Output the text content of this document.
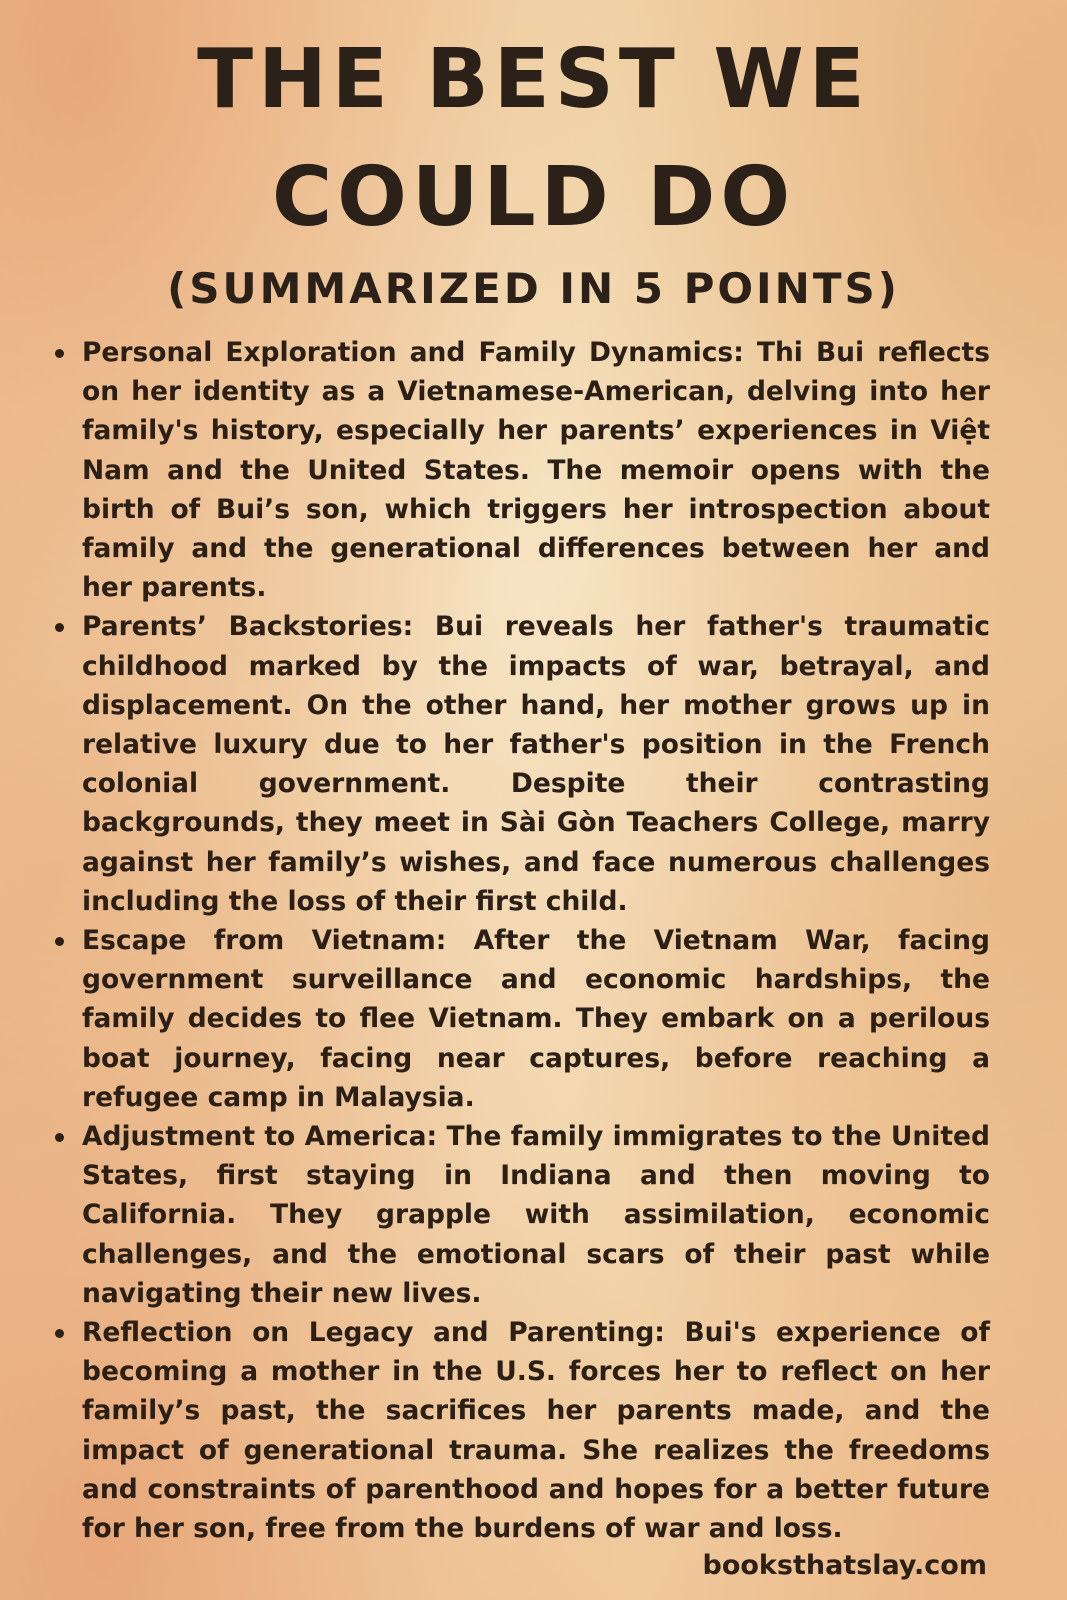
THE BEST WE
COULD DO
(SUMMARIZED IN 5 POINTS)
Personal Exploration and Family Dynamics: Thi Bui reflects on her identity as a Vietnamese-American, delving into her family's history, especially her parents’ experiences in Việt Nam and the United States. The memoir opens with the birth of Bui’s son, which triggers her introspection about family and the generational differences between her and her parents.
Parents’ Backstories: Bui reveals her father's traumatic childhood marked by the impacts of war, betrayal, and displacement. On the other hand, her mother grows up in relative luxury due to her father's position in the French colonial government. Despite their contrasting backgrounds, they meet in Sài Gòn Teachers College, marry against her family’s wishes, and face numerous challenges including the loss of their first child.
Escape from Vietnam: After the Vietnam War, facing government surveillance and economic hardships, the family decides to flee Vietnam. They embark on a perilous boat journey, facing near captures, before reaching a refugee camp in Malaysia.
Adjustment to America: The family immigrates to the United States, first staying in Indiana and then moving to California. They grapple with assimilation, economic challenges, and the emotional scars of their past while navigating their new lives.
Reflection on Legacy and Parenting: Bui's experience of becoming a mother in the U.S. forces her to reflect on her family’s past, the sacrifices her parents made, and the impact of generational trauma. She realizes the freedoms and constraints of parenthood and hopes for a better future for her son, free from the burdens of war and loss.
booksthatslay.com
